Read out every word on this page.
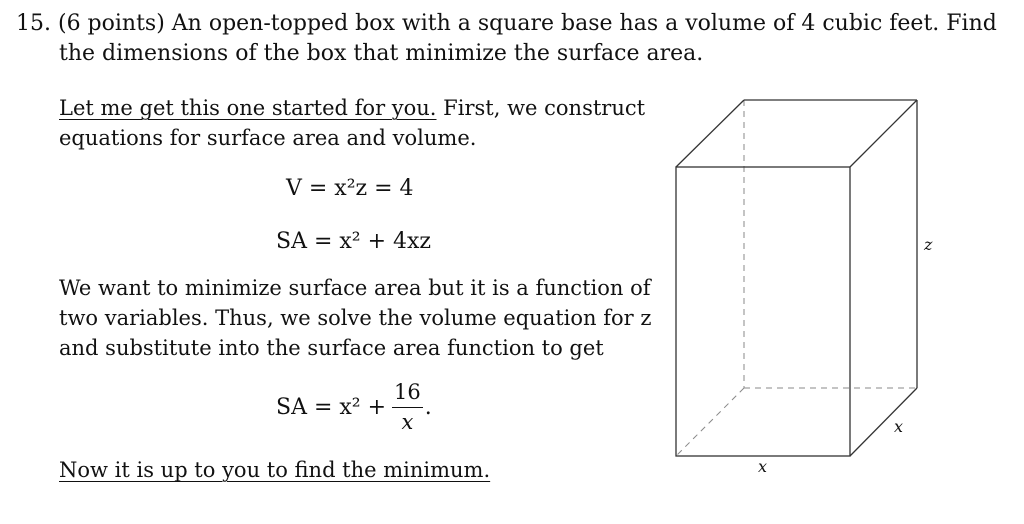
15. (6 points) An open-topped box with a square base has a volume of 4 cubic feet. Find
the dimensions of the box that minimize the surface area.
Let me get this one started for you. First, we construct
equations for surface area and volume.
V = x²z = 4
SA = x² + 4xz
We want to minimize surface area but it is a function of
two variables. Thus, we solve the volume equation for z
and substitute into the surface area function to get
SA = $x^2 + \frac{16}{x}$ .
Now it is up to you to find the minimum.
z
x
x
